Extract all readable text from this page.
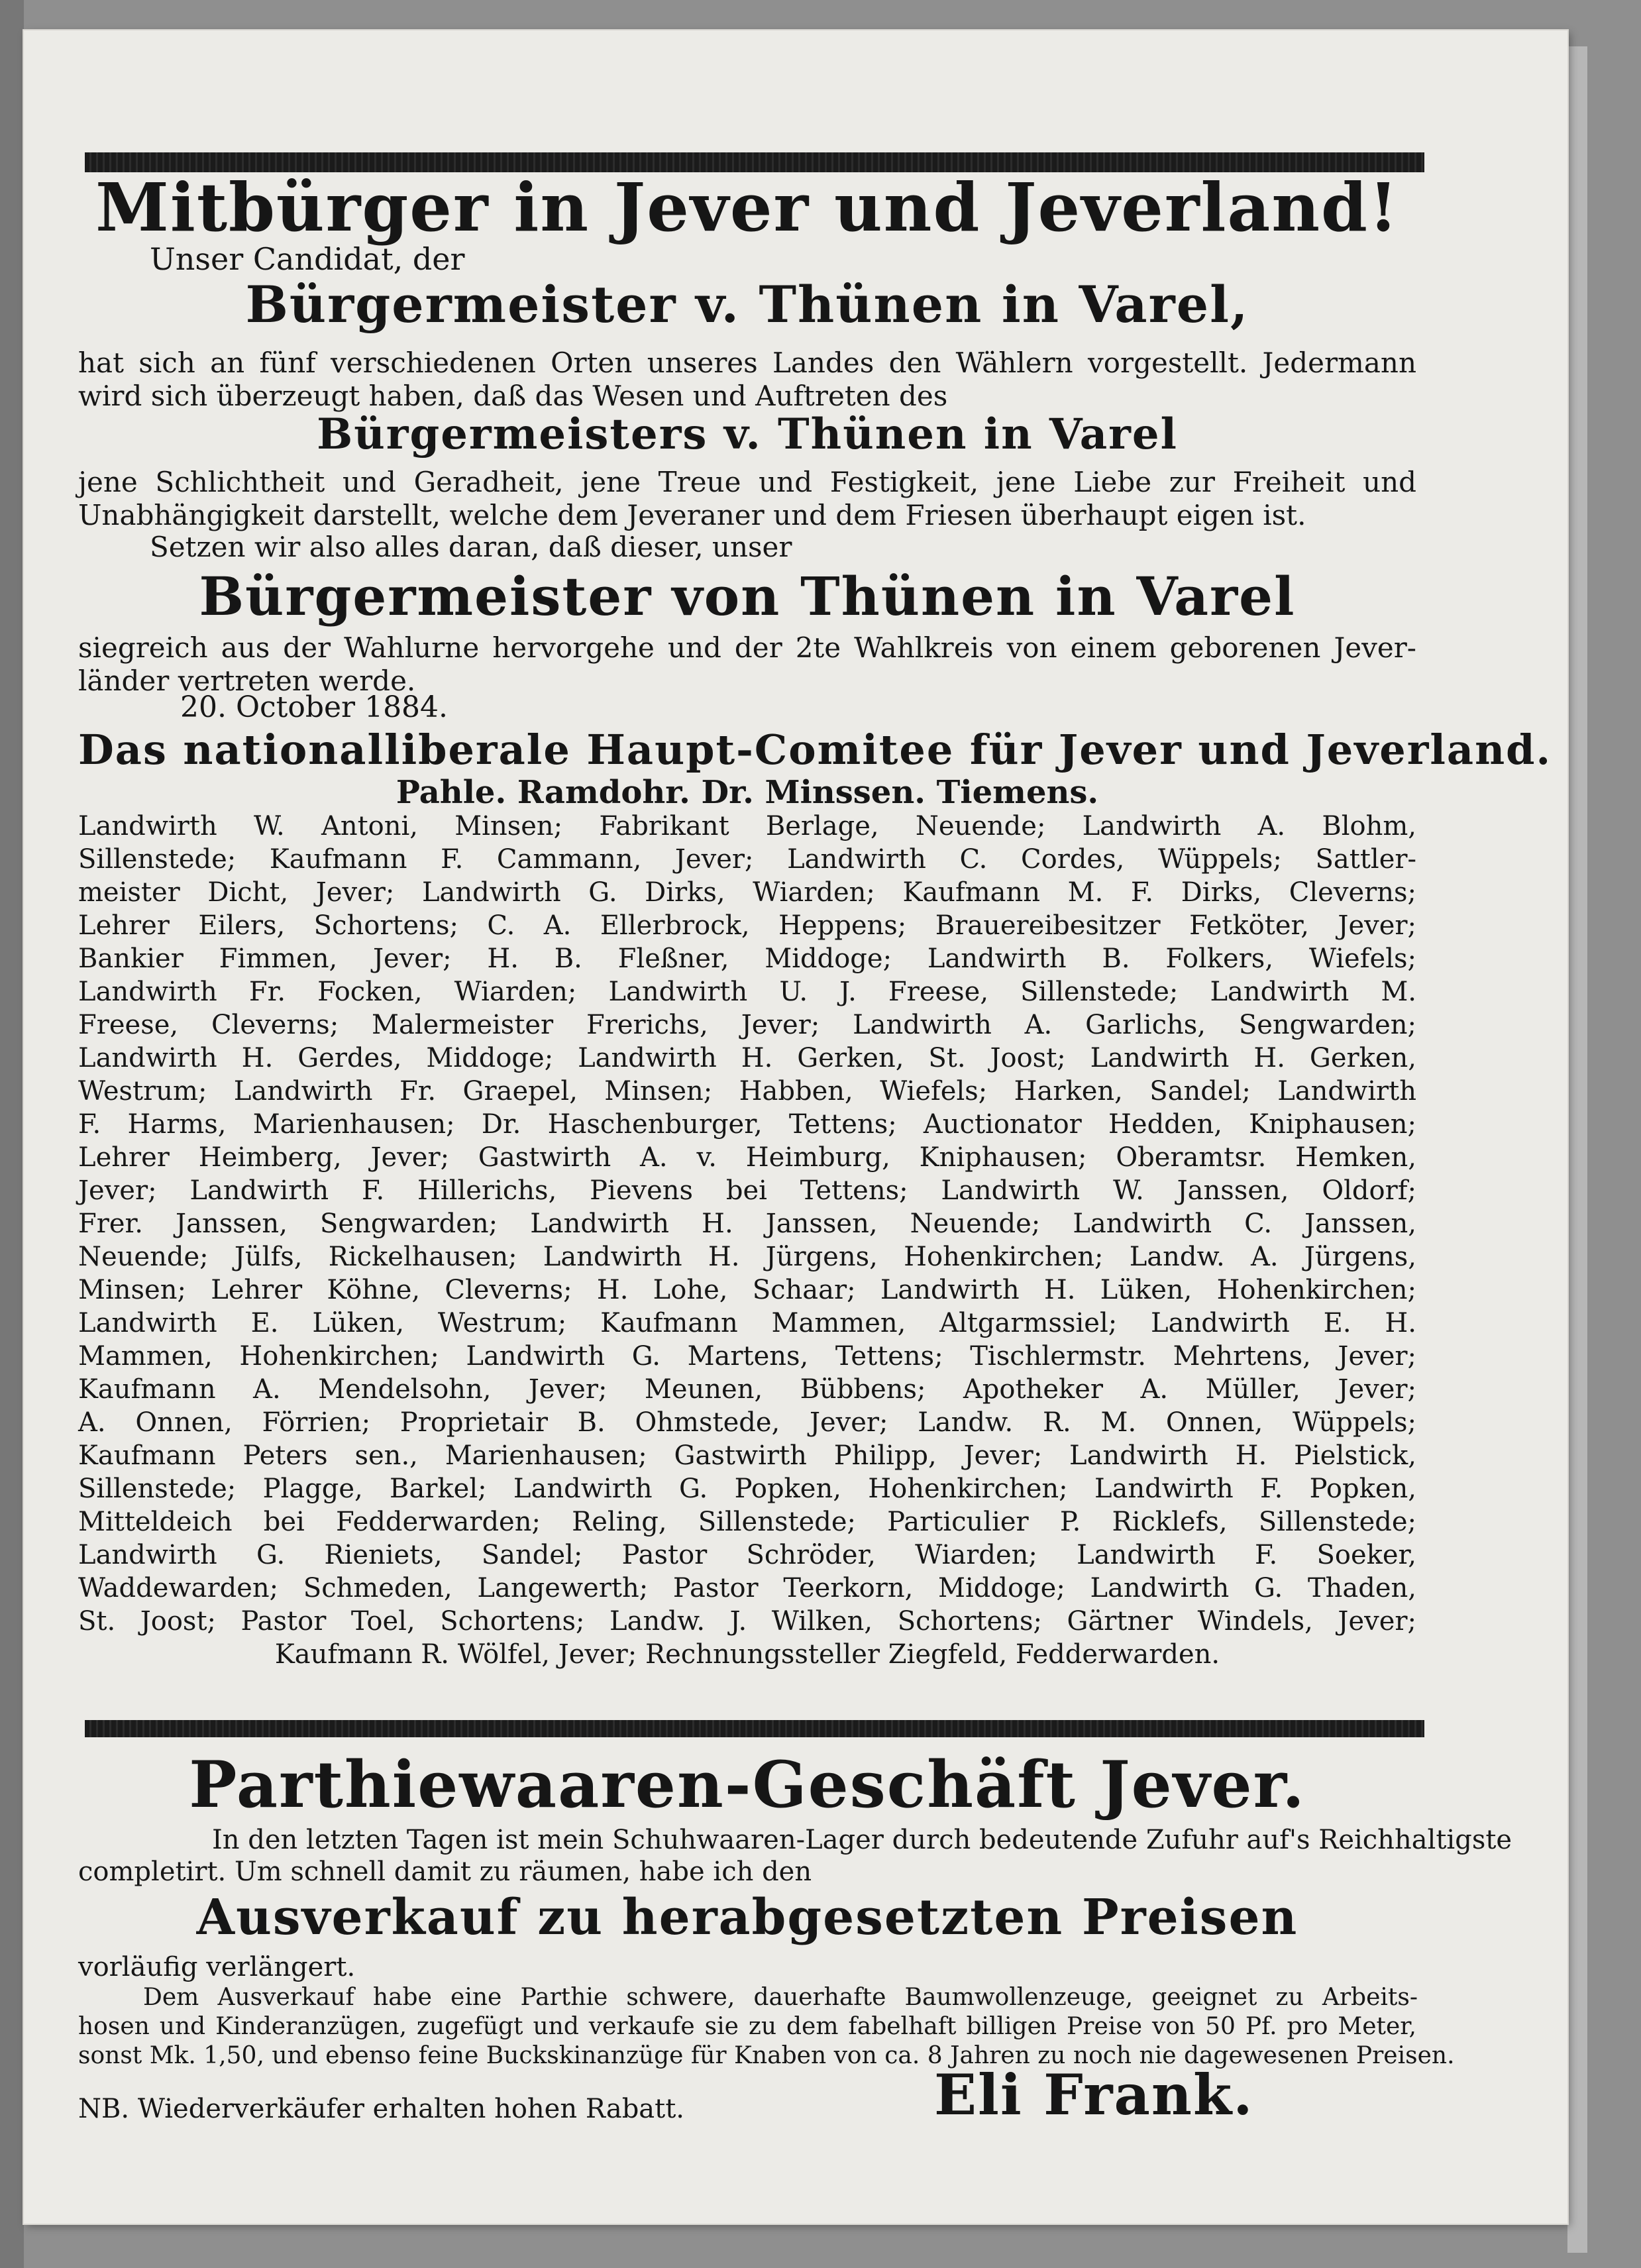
Mitbürger in Jever und Jeverland!

Unser Candidat, der

Bürgermeister v. Thünen in Varel,

hat sich an fünf verschiedenen Orten unseres Landes den Wählern vorgestellt. Jedermann

wird sich überzeugt haben, daß das Wesen und Auftreten des

Bürgermeisters v. Thünen in Varel

jene Schlichtheit und Geradheit, jene Treue und Festigkeit, jene Liebe zur Freiheit und

Unabhängigkeit darstellt, welche dem Jeveraner und dem Friesen überhaupt eigen ist.

Setzen wir also alles daran, daß dieser, unser

Bürgermeister von Thünen in Varel

siegreich aus der Wahlurne hervorgehe und der 2te Wahlkreis von einem geborenen Jever-

länder vertreten werde.

20. October 1884.

Das nationalliberale Haupt-Comitee für Jever und Jeverland.

Pahle. Ramdohr. Dr. Minssen. Tiemens.

Landwirth W. Antoni, Minsen; Fabrikant Berlage, Neuende; Landwirth A. Blohm,

Sillenstede; Kaufmann F. Cammann, Jever; Landwirth C. Cordes, Wüppels; Sattler-

meister Dicht, Jever; Landwirth G. Dirks, Wiarden; Kaufmann M. F. Dirks, Cleverns;

Lehrer Eilers, Schortens; C. A. Ellerbrock, Heppens; Brauereibesitzer Fetköter, Jever;

Bankier Fimmen, Jever; H. B. Fleßner, Middoge; Landwirth B. Folkers, Wiefels;

Landwirth Fr. Focken, Wiarden; Landwirth U. J. Freese, Sillenstede; Landwirth M.

Freese, Cleverns; Malermeister Frerichs, Jever; Landwirth A. Garlichs, Sengwarden;

Landwirth H. Gerdes, Middoge; Landwirth H. Gerken, St. Joost; Landwirth H. Gerken,

Westrum; Landwirth Fr. Graepel, Minsen; Habben, Wiefels; Harken, Sandel; Landwirth

F. Harms, Marienhausen; Dr. Haschenburger, Tettens; Auctionator Hedden, Kniphausen;

Lehrer Heimberg, Jever; Gastwirth A. v. Heimburg, Kniphausen; Oberamtsr. Hemken,

Jever; Landwirth F. Hillerichs, Pievens bei Tettens; Landwirth W. Janssen, Oldorf;

Frer. Janssen, Sengwarden; Landwirth H. Janssen, Neuende; Landwirth C. Janssen,

Neuende; Jülfs, Rickelhausen; Landwirth H. Jürgens, Hohenkirchen; Landw. A. Jürgens,

Minsen; Lehrer Köhne, Cleverns; H. Lohe, Schaar; Landwirth H. Lüken, Hohenkirchen;

Landwirth E. Lüken, Westrum; Kaufmann Mammen, Altgarmssiel; Landwirth E. H.

Mammen, Hohenkirchen; Landwirth G. Martens, Tettens; Tischlermstr. Mehrtens, Jever;

Kaufmann A. Mendelsohn, Jever; Meunen, Bübbens; Apotheker A. Müller, Jever;

A. Onnen, Förrien; Proprietair B. Ohmstede, Jever; Landw. R. M. Onnen, Wüppels;

Kaufmann Peters sen., Marienhausen; Gastwirth Philipp, Jever; Landwirth H. Pielstick,

Sillenstede; Plagge, Barkel; Landwirth G. Popken, Hohenkirchen; Landwirth F. Popken,

Mitteldeich bei Fedderwarden; Reling, Sillenstede; Particulier P. Ricklefs, Sillenstede;

Landwirth G. Rieniets, Sandel; Pastor Schröder, Wiarden; Landwirth F. Soeker,

Waddewarden; Schmeden, Langewerth; Pastor Teerkorn, Middoge; Landwirth G. Thaden,

St. Joost; Pastor Toel, Schortens; Landw. J. Wilken, Schortens; Gärtner Windels, Jever;

Kaufmann R. Wölfel, Jever; Rechnungssteller Ziegfeld, Fedderwarden.

Parthiewaaren-Geschäft Jever.

In den letzten Tagen ist mein Schuhwaaren-Lager durch bedeutende Zufuhr auf's Reichhaltigste

completirt. Um schnell damit zu räumen, habe ich den

Ausverkauf zu herabgesetzten Preisen

vorläufig verlängert.

Dem Ausverkauf habe eine Parthie schwere, dauerhafte Baumwollenzeuge, geeignet zu Arbeits-

hosen und Kinderanzügen, zugefügt und verkaufe sie zu dem fabelhaft billigen Preise von 50 Pf. pro Meter,

sonst Mk. 1,50, und ebenso feine Buckskinanzüge für Knaben von ca. 8 Jahren zu noch nie dagewesenen Preisen.

Eli Frank.

NB. Wiederverkäufer erhalten hohen Rabatt.
